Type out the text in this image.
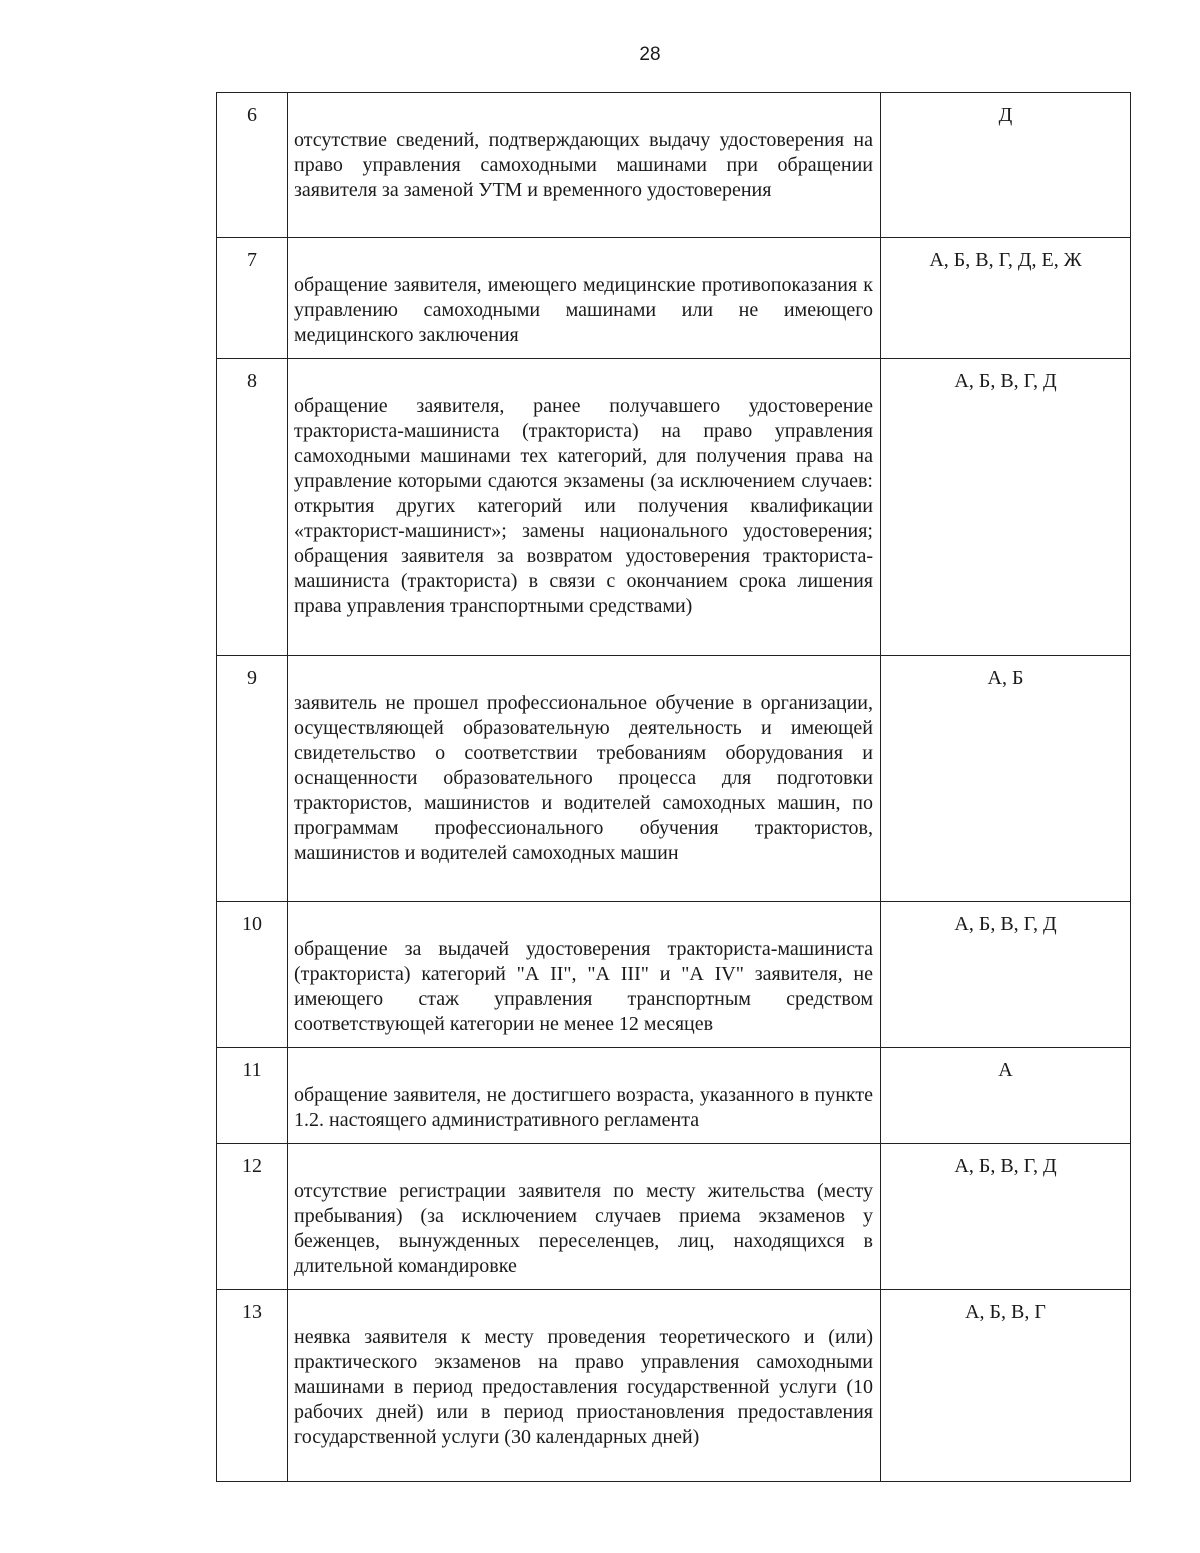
28
6	отсутствие сведений, подтверждающих выдачу удостоверения на право управления самоходными машинами при обращении заявителя за заменой УТМ и временного удостоверения	Д
7	обращение заявителя, имеющего медицинские противопоказания к управлению самоходными машинами или не имеющего медицинского заключения	А, Б, В, Г, Д, Е, Ж
8	обращение заявителя, ранее получавшего удостоверение тракториста-машиниста (тракториста) на право управления самоходными машинами тех категорий, для получения права на управление которыми сдаются экзамены (за исключением случаев: открытия других категорий или получения квалификации «тракторист-машинист»; замены национального удостоверения; обращения заявителя за возвратом удостоверения тракториста-машиниста (тракториста) в связи с окончанием срока лишения права управления транспортными средствами)	А, Б, В, Г, Д
9	заявитель не прошел профессиональное обучение в организации, осуществляющей образовательную деятельность и имеющей свидетельство о соответствии требованиям оборудования и оснащенности образовательного процесса для подготовки трактористов, машинистов и водителей самоходных машин, по программам профессионального обучения трактористов, машинистов и водителей самоходных машин	А, Б
10	обращение за выдачей удостоверения тракториста-машиниста (тракториста) категорий "А II", "А III" и "А IV" заявителя, не имеющего стаж управления транспортным средством соответствующей категории не менее 12 месяцев	А, Б, В, Г, Д
11	обращение заявителя, не достигшего возраста, указанного в пункте 1.2. настоящего административного регламента	А
12	отсутствие регистрации заявителя по месту жительства (месту пребывания) (за исключением случаев приема экзаменов у беженцев, вынужденных переселенцев, лиц, находящихся в длительной командировке	А, Б, В, Г, Д
13	неявка заявителя к месту проведения теоретического и (или) практического экзаменов на право управления самоходными машинами в период предоставления государственной услуги (10 рабочих дней) или в период приостановления предоставления государственной услуги (30 календарных дней)	А, Б, В, Г
